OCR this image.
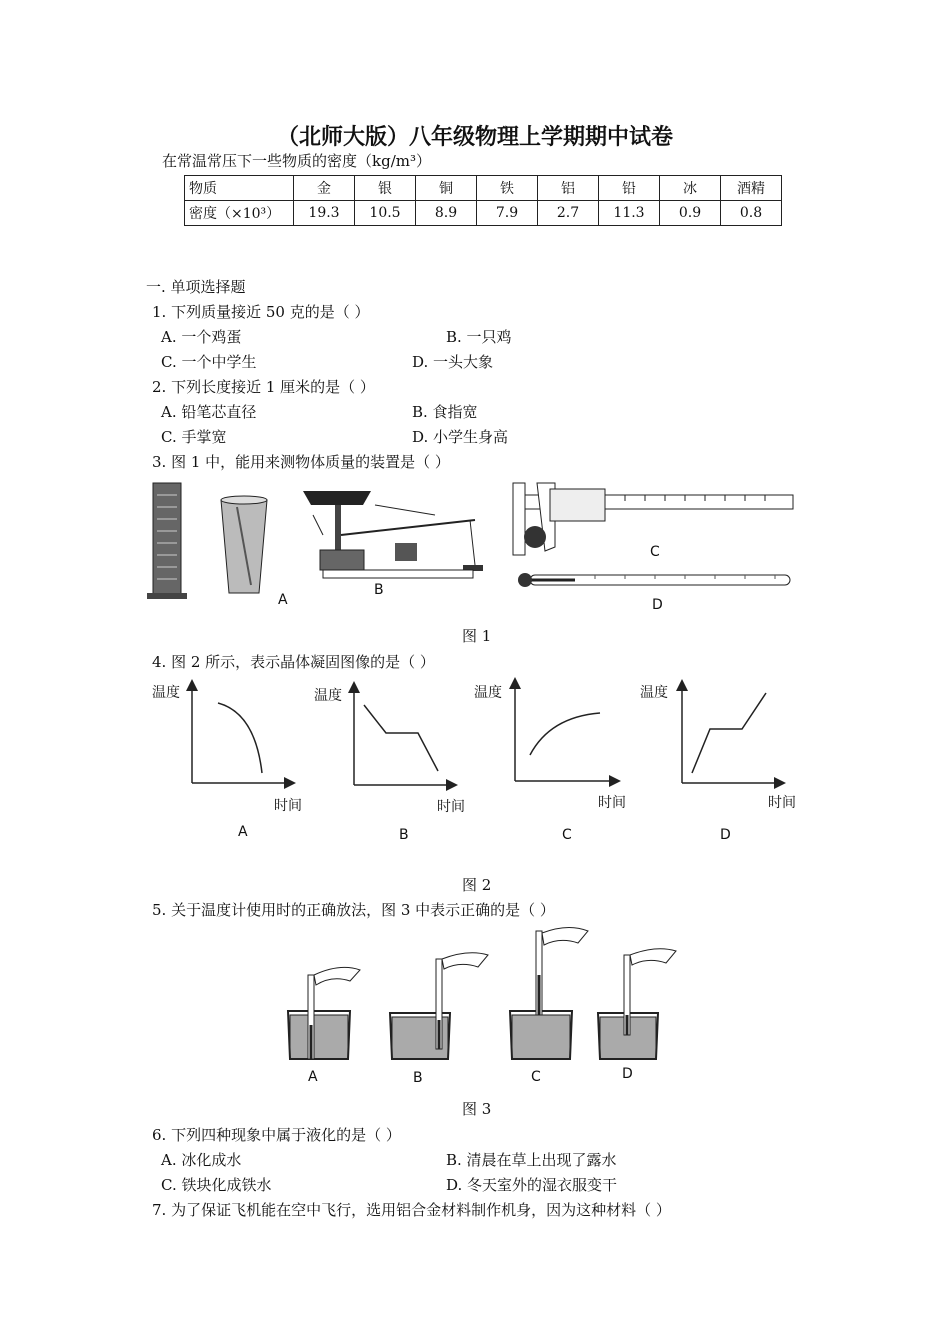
（北师大版）八年级物理上学期期中试卷
在常温常压下一些物质的密度（kg/m³）
物质	金	银	铜	铁	铝	铅	冰	酒精
密度（×10³）	19.3	10.5	8.9	7.9	2.7	11.3	0.9	0.8
一. 单项选择题
1. 下列质量接近 50 克的是（ ）
A. 一个鸡蛋	B. 一只鸡
C. 一个中学生	D. 一头大象
2. 下列长度接近 1 厘米的是（ ）
A. 铅笔芯直径	B. 食指宽
C. 手掌宽	D. 小学生身高
3. 图 1 中，能用来测物体质量的装置是（ ）
A
B
C
D
图 1
4. 图 2 所示，表示晶体凝固图像的是（ ）
温度
时间
温度
时间
温度
时间
温度
时间
A	B	C	D
图 2
5. 关于温度计使用时的正确放法，图 3 中表示正确的是（ ）
A	B	C	D
图 3
6. 下列四种现象中属于液化的是（ ）
A. 冰化成水	B. 清晨在草上出现了露水
C. 铁块化成铁水	D. 冬天室外的湿衣服变干
7. 为了保证飞机能在空中飞行，选用铝合金材料制作机身，因为这种材料（ ）
